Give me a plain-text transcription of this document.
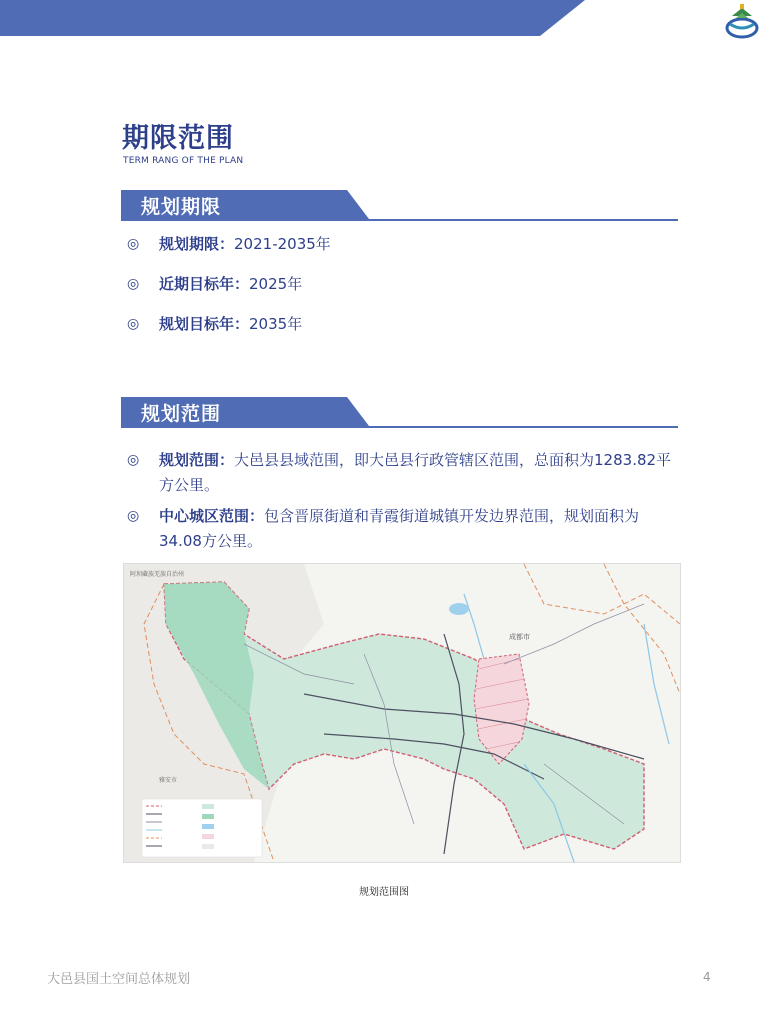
期限范围
TERM RANG OF THE PLAN
规划期限
◎ 规划期限：2021-2035年
◎ 近期目标年：2025年
◎ 规划目标年：2035年
规划范围
◎ 规划范围：大邑县县域范围，即大邑县行政管辖区范围，总面积为1283.82平方公里。
◎ 中心城区范围：包含晋原街道和青霞街道城镇开发边界范围，规划面积为34.08方公里。
阿坝藏族羌族自治州
成都市
雅安市
规划范围图
大邑县国土空间总体规划	4
